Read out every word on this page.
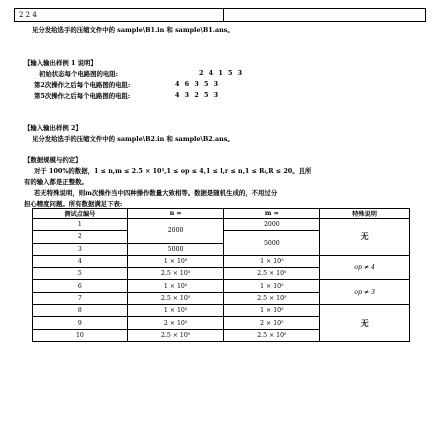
2 2 4	
见分发给选手的压缩文件中的 sample\B1.in 和 sample\B1.ans。
【输入输出样例 1 说明】
初始状态每个电路图的电阻:	2 4 1 5 3
第2次操作之后每个电路图的电阻:	4 6 3 5 3
第5次操作之后每个电路图的电阻:	4 3 2 5 3
【输入输出样例 2】
见分发给选手的压缩文件中的 sample\B2.in 和 sample\B2.ans。
【数据规模与约定】
对于 100%的数据，1 ≤ n,m ≤ 2.5 × 10⁵,1 ≤ op ≤ 4,1 ≤ l,r ≤ n,1 ≤ Rᵢ,R ≤ 20。且所
有的输入都是正整数。
若无特殊说明，则m次操作当中四种操作数量大致相等。数据是随机生成的，不用过分
担心精度问题。所有数据满足下表:
测试点编号	n =	m =	特殊说明
1	2000	2000	无
2		5000	
3	5000		
4	1 × 10⁵	1 × 10⁵	op ≠ 4
5	2.5 × 10⁵	2.5 × 10⁵	
6	1 × 10⁵	1 × 10⁵	op ≠ 3
7	2.5 × 10⁵	2.5 × 10⁵	
8	1 × 10⁵	1 × 10⁵	无
9	2 × 10⁵	2 × 10⁵	
10	2.5 × 10⁵	2.5 × 10⁵	
